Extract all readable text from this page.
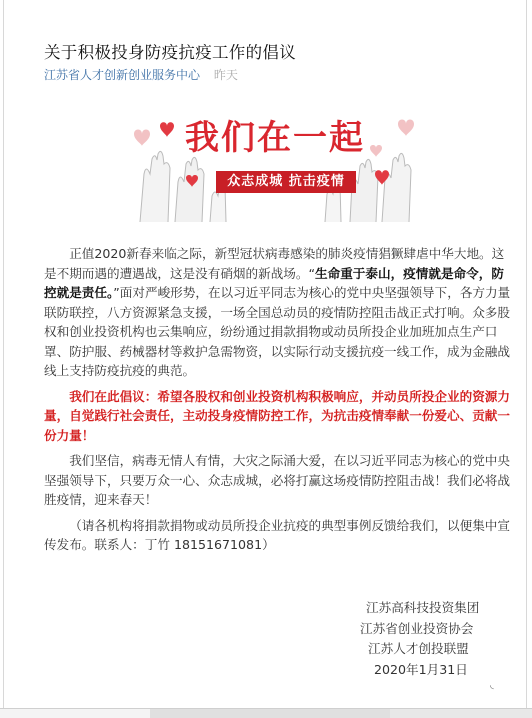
关于积极投身防疫抗疫工作的倡议
江苏省人才创新创业服务中心 昨天
我们在一起
众志成城 抗击疫情

正值2020新春来临之际，新型冠状病毒感染的肺炎疫情猖獗肆虐中华大地。这是不期而遇的遭遇战，这是没有硝烟的新战场。“生命重于泰山，疫情就是命令，防控就是责任。”面对严峻形势，在以习近平同志为核心的党中央坚强领导下，各方力量联防联控，八方资源紧急支援，一场全国总动员的疫情防控阻击战正式打响。众多股权和创业投资机构也云集响应，纷纷通过捐款捐物或动员所投企业加班加点生产口罩、防护服、药械器材等救护急需物资，以实际行动支援抗疫一线工作，成为金融战线上支持防疫抗疫的典范。

我们在此倡议：希望各股权和创业投资机构积极响应，并动员所投企业的资源力量，自觉践行社会责任，主动投身疫情防控工作，为抗击疫情奉献一份爱心、贡献一份力量！

我们坚信，病毒无情人有情，大灾之际涌大爱，在以习近平同志为核心的党中央坚强领导下，只要万众一心、众志成城，必将打赢这场疫情防控阻击战！我们必将战胜疫情，迎来春天！

（请各机构将捐款捐物或动员所投企业抗疫的典型事例反馈给我们，以便集中宣传发布。联系人：丁竹 18151671081）

江苏高科技投资集团
江苏省创业投资协会
江苏人才创投联盟
2020年1月31日
◟
